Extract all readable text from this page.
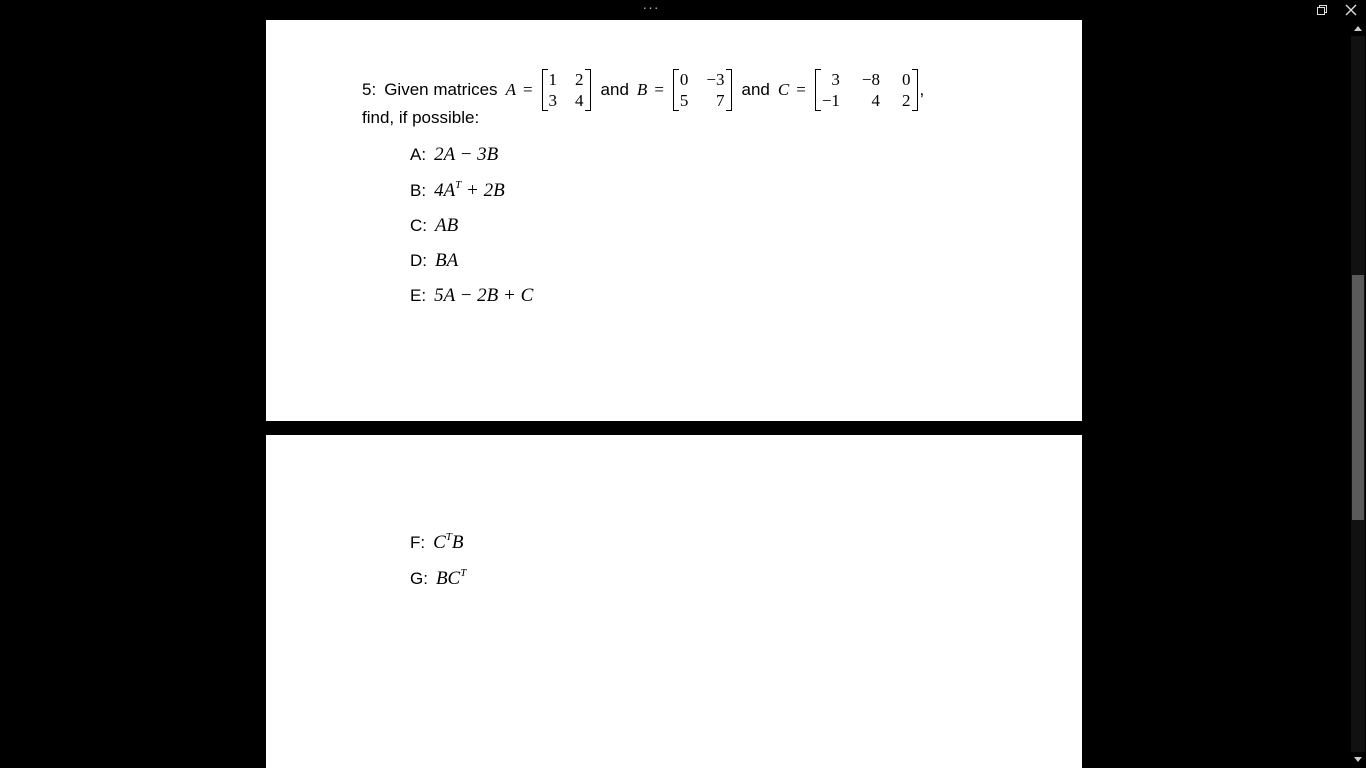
···
5: Given matrices A =
1 2
3 4
and B =
0 −3
5	7
and C =
3 −8 0
−1	4 2
,
find, if possible:
A: 2A − 3B
B: $4A^T + 2B$
C: AB
D: BA
E: 5A − 2B + C
F: $C^TB$
G: $BC^T$
